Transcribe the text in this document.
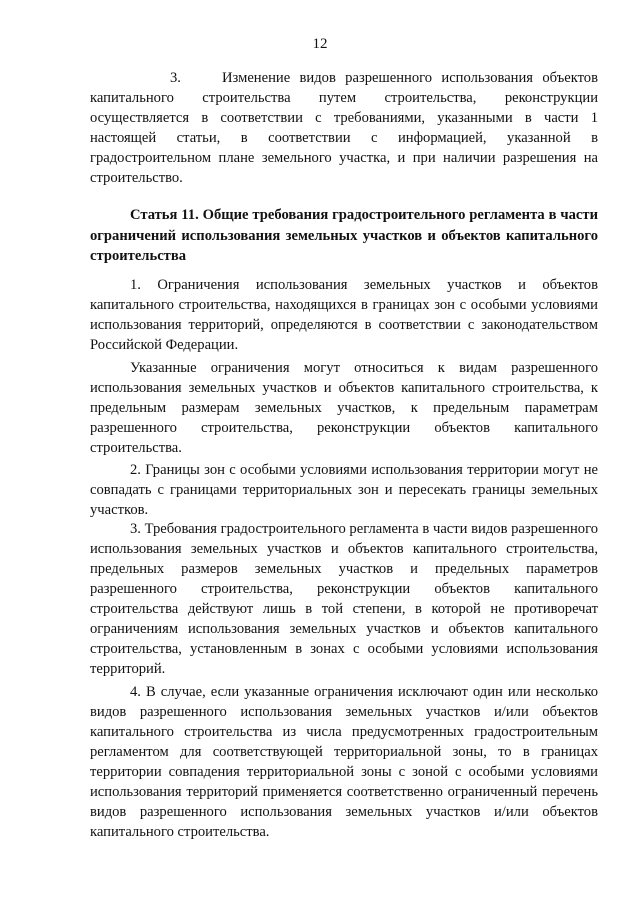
12

3.	Изменение видов разрешенного использования объектов капитального строительства путем строительства, реконструкции осуществляется в соответствии с требованиями, указанными в части 1 настоящей статьи, в соответствии с информацией, указанной в градостроительном плане земельного участка, и при наличии разрешения на строительство.

Статья 11. Общие требования градостроительного регламента в части ограничений использования земельных участков и объектов капитального строительства

1. Ограничения использования земельных участков и объектов капитального строительства, находящихся в границах зон с особыми условиями использования территорий, определяются в соответствии с законодательством Российской Федерации.

Указанные ограничения могут относиться к видам разрешенного использования земельных участков и объектов капитального строительства, к предельным размерам земельных участков, к предельным параметрам разрешенного строительства, реконструкции объектов капитального строительства.

2. Границы зон с особыми условиями использования территории могут не совпадать с границами территориальных зон и пересекать границы земельных участков.

3. Требования градостроительного регламента в части видов разрешенного использования земельных участков и объектов капитального строительства, предельных размеров земельных участков и предельных параметров разрешенного строительства, реконструкции объектов капитального строительства действуют лишь в той степени, в которой не противоречат ограничениям использования земельных участков и объектов капитального строительства, установленным в зонах с особыми условиями использования территорий.

4. В случае, если указанные ограничения исключают один или несколько видов разрешенного использования земельных участков и/или объектов капитального строительства из числа предусмотренных градостроительным регламентом для соответствующей территориальной зоны, то в границах территории совпадения территориальной зоны с зоной с особыми условиями использования территорий применяется соответственно ограниченный перечень видов разрешенного использования земельных участков и/или объектов капитального строительства.
